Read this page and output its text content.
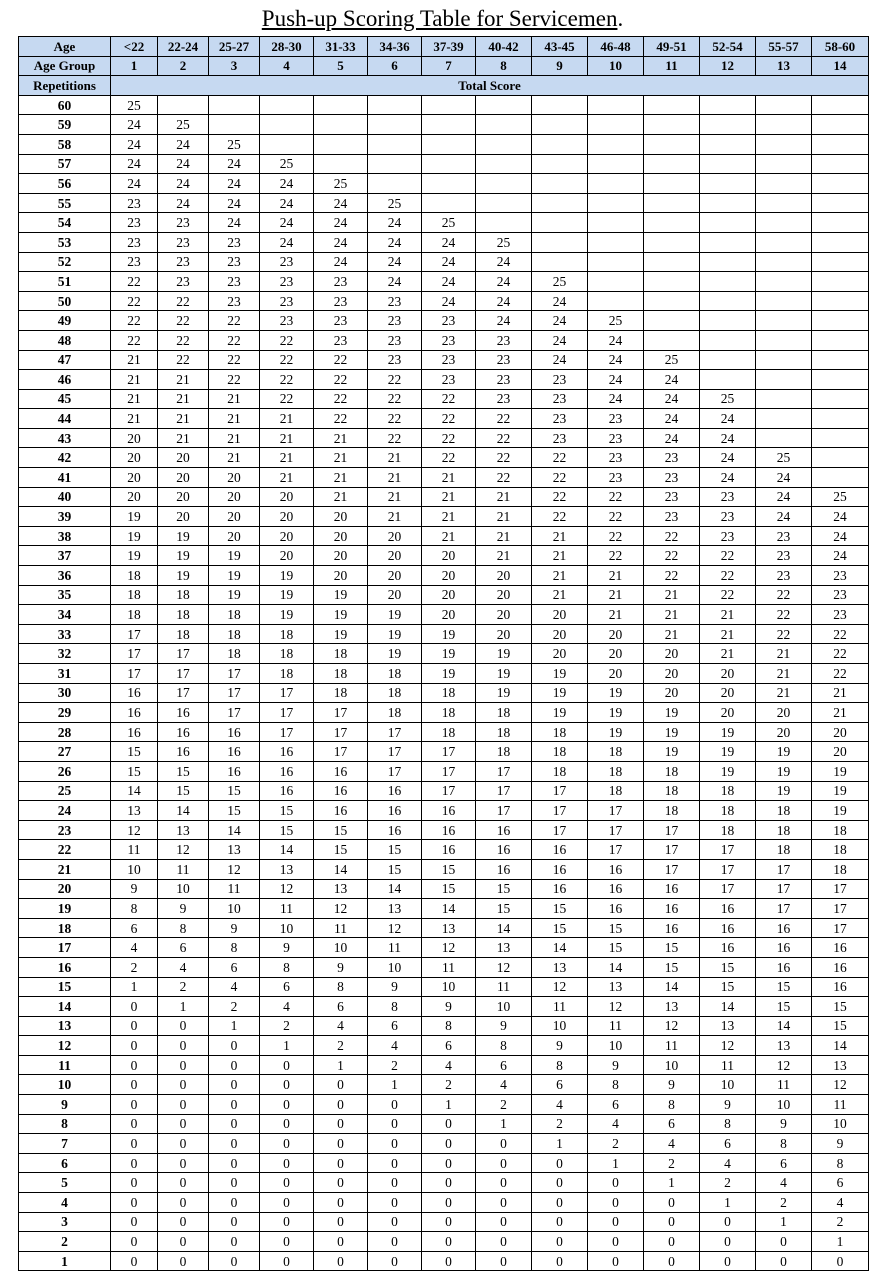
Push-up Scoring Table for Servicemen.
Age	<22	22-24	25-27	28-30	31-33	34-36	37-39	40-42	43-45	46-48	49-51	52-54	55-57	58-60
Age Group	1	2	3	4	5	6	7	8	9	10	11	12	13	14
Repetitions	Total Score													
60	25													
59	24	25												
58	24	24	25											
57	24	24	24	25										
56	24	24	24	24	25									
55	23	24	24	24	24	25								
54	23	23	24	24	24	24	25							
53	23	23	23	24	24	24	24	25						
52	23	23	23	23	24	24	24	24						
51	22	23	23	23	23	24	24	24	25					
50	22	22	23	23	23	23	24	24	24					
49	22	22	22	23	23	23	23	24	24	25				
48	22	22	22	22	23	23	23	23	24	24				
47	21	22	22	22	22	23	23	23	24	24	25			
46	21	21	22	22	22	22	23	23	23	24	24			
45	21	21	21	22	22	22	22	23	23	24	24	25		
44	21	21	21	21	22	22	22	22	23	23	24	24		
43	20	21	21	21	21	22	22	22	23	23	24	24		
42	20	20	21	21	21	21	22	22	22	23	23	24	25	
41	20	20	20	21	21	21	21	22	22	23	23	24	24	
40	20	20	20	20	21	21	21	21	22	22	23	23	24	25
39	19	20	20	20	20	21	21	21	22	22	23	23	24	24
38	19	19	20	20	20	20	21	21	21	22	22	23	23	24
37	19	19	19	20	20	20	20	21	21	22	22	22	23	24
36	18	19	19	19	20	20	20	20	21	21	22	22	23	23
35	18	18	19	19	19	20	20	20	21	21	21	22	22	23
34	18	18	18	19	19	19	20	20	20	21	21	21	22	23
33	17	18	18	18	19	19	19	20	20	20	21	21	22	22
32	17	17	18	18	18	19	19	19	20	20	20	21	21	22
31	17	17	17	18	18	18	19	19	19	20	20	20	21	22
30	16	17	17	17	18	18	18	19	19	19	20	20	21	21
29	16	16	17	17	17	18	18	18	19	19	19	20	20	21
28	16	16	16	17	17	17	18	18	18	19	19	19	20	20
27	15	16	16	16	17	17	17	18	18	18	19	19	19	20
26	15	15	16	16	16	17	17	17	18	18	18	19	19	19
25	14	15	15	16	16	16	17	17	17	18	18	18	19	19
24	13	14	15	15	16	16	16	17	17	17	18	18	18	19
23	12	13	14	15	15	16	16	16	17	17	17	18	18	18
22	11	12	13	14	15	15	16	16	16	17	17	17	18	18
21	10	11	12	13	14	15	15	16	16	16	17	17	17	18
20	9	10	11	12	13	14	15	15	16	16	16	17	17	17
19	8	9	10	11	12	13	14	15	15	16	16	16	17	17
18	6	8	9	10	11	12	13	14	15	15	16	16	16	17
17	4	6	8	9	10	11	12	13	14	15	15	16	16	16
16	2	4	6	8	9	10	11	12	13	14	15	15	16	16
15	1	2	4	6	8	9	10	11	12	13	14	15	15	16
14	0	1	2	4	6	8	9	10	11	12	13	14	15	15
13	0	0	1	2	4	6	8	9	10	11	12	13	14	15
12	0	0	0	1	2	4	6	8	9	10	11	12	13	14
11	0	0	0	0	1	2	4	6	8	9	10	11	12	13
10	0	0	0	0	0	1	2	4	6	8	9	10	11	12
9	0	0	0	0	0	0	1	2	4	6	8	9	10	11
8	0	0	0	0	0	0	0	1	2	4	6	8	9	10
7	0	0	0	0	0	0	0	0	1	2	4	6	8	9
6	0	0	0	0	0	0	0	0	0	1	2	4	6	8
5	0	0	0	0	0	0	0	0	0	0	1	2	4	6
4	0	0	0	0	0	0	0	0	0	0	0	1	2	4
3	0	0	0	0	0	0	0	0	0	0	0	0	1	2
2	0	0	0	0	0	0	0	0	0	0	0	0	0	1
1	0	0	0	0	0	0	0	0	0	0	0	0	0	0
